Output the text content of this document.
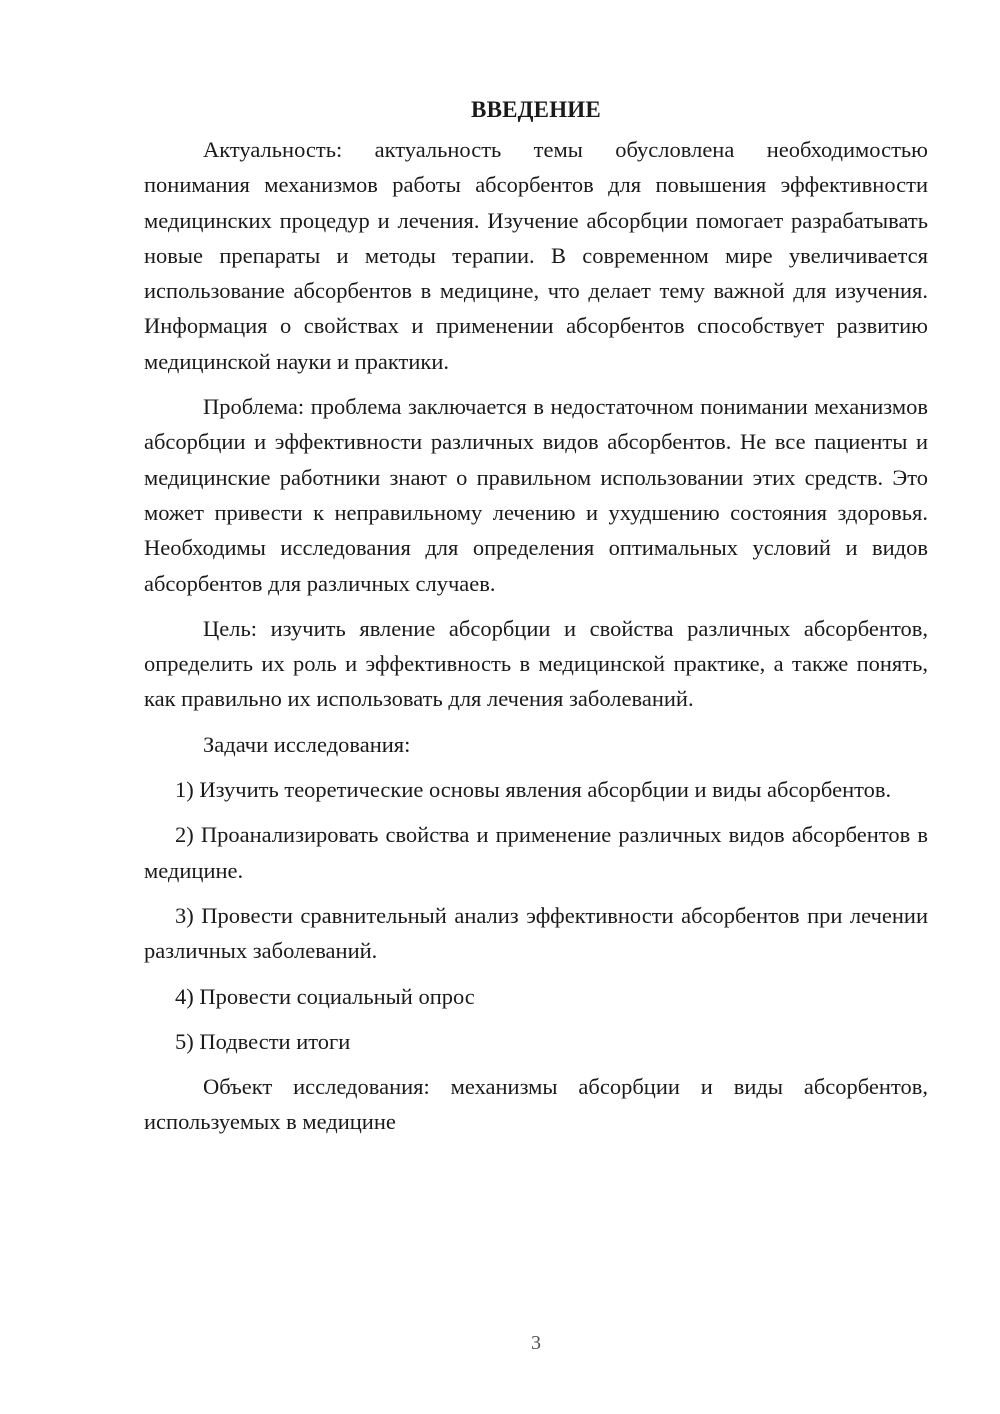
ВВЕДЕНИЕ

Актуальность: актуальность темы обусловлена необходимостью понимания механизмов работы абсорбентов для повышения эффективности медицинских процедур и лечения. Изучение абсорбции помогает разрабатывать новые препараты и методы терапии. В современном мире увеличивается использование абсорбентов в медицине, что делает тему важной для изучения. Информация о свойствах и применении абсорбентов способствует развитию медицинской науки и практики.

Проблема: проблема заключается в недостаточном понимании механизмов абсорбции и эффективности различных видов абсорбентов. Не все пациенты и медицинские работники знают о правильном использовании этих средств. Это может привести к неправильному лечению и ухудшению состояния здоровья. Необходимы исследования для определения оптимальных условий и видов абсорбентов для различных случаев.

Цель: изучить явление абсорбции и свойства различных абсорбентов, определить их роль и эффективность в медицинской практике, а также понять, как правильно их использовать для лечения заболеваний.

Задачи исследования:

1) Изучить теоретические основы явления абсорбции и виды абсорбентов.

2) Проанализировать свойства и применение различных видов абсорбентов в медицине.

3) Провести сравнительный анализ эффективности абсорбентов при лечении различных заболеваний.

4) Провести социальный опрос

5) Подвести итоги

Объект исследования: механизмы абсорбции и виды абсорбентов, используемых в медицине

3
